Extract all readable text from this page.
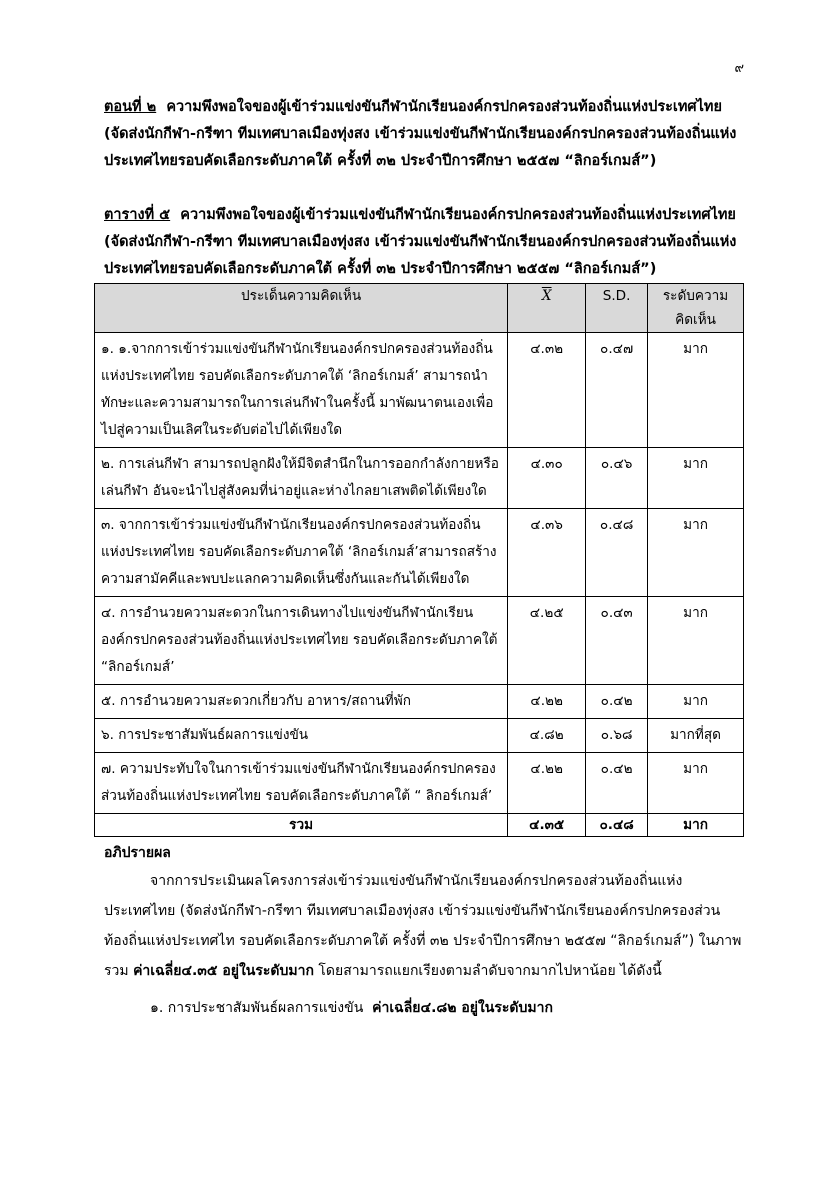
๙
ตอนที่ ๒ ความพึงพอใจของผู้เข้าร่วมแข่งขันกีฬานักเรียนองค์กรปกครองส่วนท้องถิ่นแห่งประเทศไทย
(จัดส่งนักกีฬา-กรีฑา ทีมเทศบาลเมืองทุ่งสง เข้าร่วมแข่งขันกีฬานักเรียนองค์กรปกครองส่วนท้องถิ่นแห่ง
ประเทศไทยรอบคัดเลือกระดับภาคใต้ ครั้งที่ ๓๒ ประจำปีการศึกษา ๒๕๕๗ “ลิกอร์เกมส์”)
ตารางที่ ๕ ความพึงพอใจของผู้เข้าร่วมแข่งขันกีฬานักเรียนองค์กรปกครองส่วนท้องถิ่นแห่งประเทศไทย
(จัดส่งนักกีฬา-กรีฑา ทีมเทศบาลเมืองทุ่งสง เข้าร่วมแข่งขันกีฬานักเรียนองค์กรปกครองส่วนท้องถิ่นแห่ง
ประเทศไทยรอบคัดเลือกระดับภาคใต้ ครั้งที่ ๓๒ ประจำปีการศึกษา ๒๕๕๗ “ลิกอร์เกมส์”)
ประเด็นความคิดเห็น	$\overline{X}$	S.D.	ระดับความคิดเห็น
๑. ๑.จากการเข้าร่วมแข่งขันกีฬานักเรียนองค์กรปกครองส่วนท้องถิ่นแห่งประเทศไทย รอบคัดเลือกระดับภาคใต้ ‘ลิกอร์เกมส์’ สามารถนำทักษะและความสามารถในการเล่นกีฬาในครั้งนี้ มาพัฒนาตนเองเพื่อไปสู่ความเป็นเลิศในระดับต่อไปได้เพียงใด	๔.๓๒	๐.๔๗	มาก
๒. การเล่นกีฬา สามารถปลูกฝังให้มีจิตสำนึกในการออกกำลังกายหรือเล่นกีฬา อันจะนำไปสู่สังคมที่น่าอยู่และห่างไกลยาเสพติดได้เพียงใด	๔.๓๐	๐.๔๖	มาก
๓. จากการเข้าร่วมแข่งขันกีฬานักเรียนองค์กรปกครองส่วนท้องถิ่นแห่งประเทศไทย รอบคัดเลือกระดับภาคใต้ ‘ลิกอร์เกมส์’สามารถสร้างความสามัคคีและพบปะแลกความคิดเห็นซึ่งกันและกันได้เพียงใด	๔.๓๖	๐.๔๘	มาก
๔. การอำนวยความสะดวกในการเดินทางไปแข่งขันกีฬานักเรียนองค์กรปกครองส่วนท้องถิ่นแห่งประเทศไทย รอบคัดเลือกระดับภาคใต้ “ลิกอร์เกมส์’	๔.๒๕	๐.๔๓	มาก
๕. การอำนวยความสะดวกเกี่ยวกับ อาหาร/สถานที่พัก	๔.๒๒	๐.๔๒	มาก
๖. การประชาสัมพันธ์ผลการแข่งขัน	๔.๘๒	๐.๖๘	มากที่สุด
๗. ความประทับใจในการเข้าร่วมแข่งขันกีฬานักเรียนองค์กรปกครองส่วนท้องถิ่นแห่งประเทศไทย รอบคัดเลือกระดับภาคใต้ “ ลิกอร์เกมส์’	๔.๒๒	๐.๔๒	มาก
รวม	๔.๓๕	๐.๔๘	มาก
อภิปรายผล
จากการประเมินผลโครงการส่งเข้าร่วมแข่งขันกีฬานักเรียนองค์กรปกครองส่วนท้องถิ่นแห่งประเทศไทย (จัดส่งนักกีฬา-กรีฑา ทีมเทศบาลเมืองทุ่งสง เข้าร่วมแข่งขันกีฬานักเรียนองค์กรปกครองส่วนท้องถิ่นแห่งประเทศไท รอบคัดเลือกระดับภาคใต้ ครั้งที่ ๓๒ ประจำปีการศึกษา ๒๕๕๗ “ลิกอร์เกมส์”) ในภาพรวม ค่าเฉลี่ย๔.๓๕ อยู่ในระดับมาก โดยสามารถแยกเรียงตามลำดับจากมากไปหาน้อย ได้ดังนี้
๑. การประชาสัมพันธ์ผลการแข่งขัน ค่าเฉลี่ย๔.๘๒ อยู่ในระดับมาก
